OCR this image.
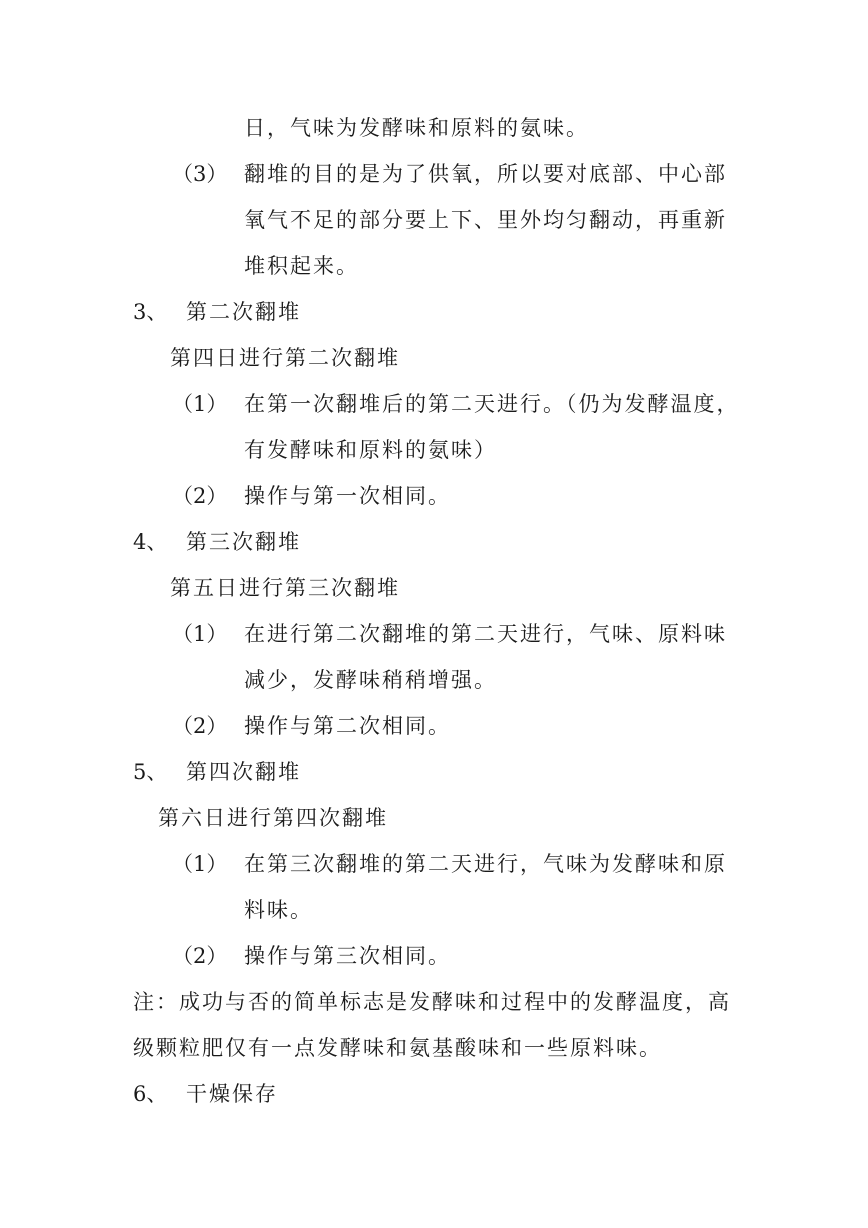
日，气味为发酵味和原料的氨味。

（3） 翻堆的目的是为了供氧，所以要对底部、中心部

氧气不足的部分要上下、里外均匀翻动，再重新

堆积起来。

3、 第二次翻堆

第四日进行第二次翻堆

（1） 在第一次翻堆后的第二天进行。（仍为发酵温度，

有发酵味和原料的氨味）

（2） 操作与第一次相同。

4、 第三次翻堆

第五日进行第三次翻堆

（1） 在进行第二次翻堆的第二天进行，气味、原料味

减少，发酵味稍稍增强。

（2） 操作与第二次相同。

5、 第四次翻堆

第六日进行第四次翻堆

（1） 在第三次翻堆的第二天进行，气味为发酵味和原

料味。

（2） 操作与第三次相同。

注：成功与否的简单标志是发酵味和过程中的发酵温度，高

级颗粒肥仅有一点发酵味和氨基酸味和一些原料味。

6、 干燥保存
